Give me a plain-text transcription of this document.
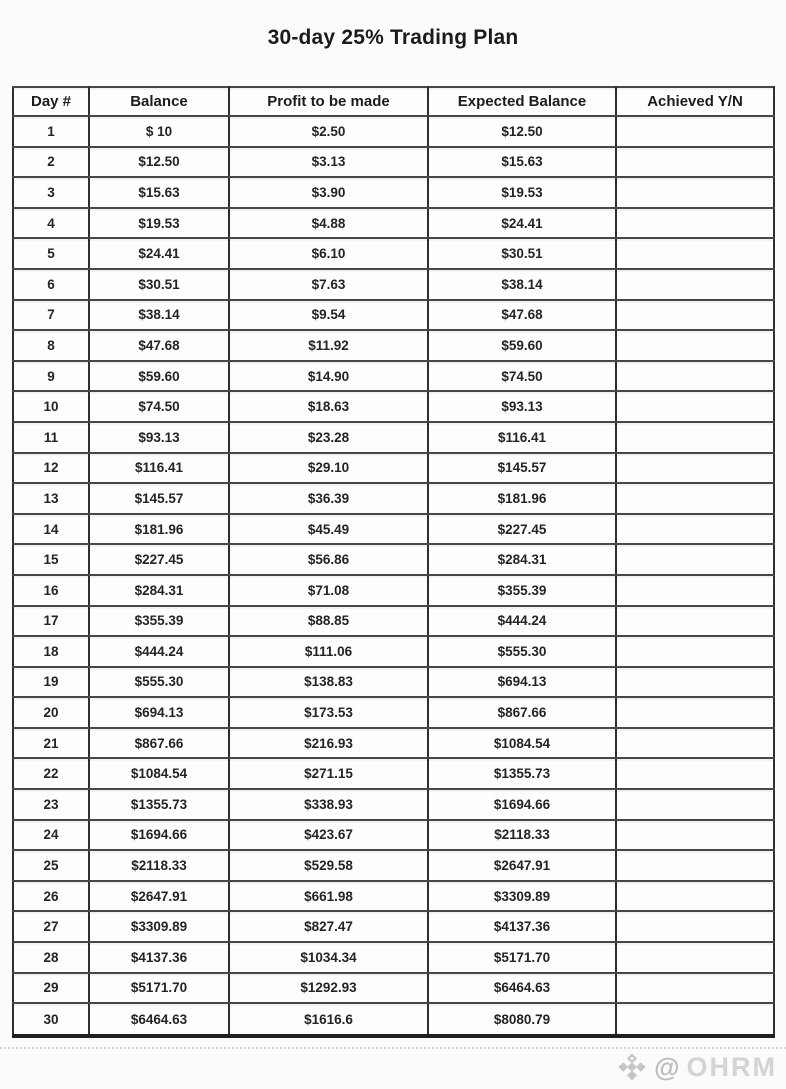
30-day 25% Trading Plan
Day #	Balance	Profit to be made	Expected Balance	Achieved Y/N
1	$ 10	$2.50	$12.50	
2	$12.50	$3.13	$15.63	
3	$15.63	$3.90	$19.53	
4	$19.53	$4.88	$24.41	
5	$24.41	$6.10	$30.51	
6	$30.51	$7.63	$38.14	
7	$38.14	$9.54	$47.68	
8	$47.68	$11.92	$59.60	
9	$59.60	$14.90	$74.50	
10	$74.50	$18.63	$93.13	
11	$93.13	$23.28	$116.41	
12	$116.41	$29.10	$145.57	
13	$145.57	$36.39	$181.96	
14	$181.96	$45.49	$227.45	
15	$227.45	$56.86	$284.31	
16	$284.31	$71.08	$355.39	
17	$355.39	$88.85	$444.24	
18	$444.24	$111.06	$555.30	
19	$555.30	$138.83	$694.13	
20	$694.13	$173.53	$867.66	
21	$867.66	$216.93	$1084.54	
22	$1084.54	$271.15	$1355.73	
23	$1355.73	$338.93	$1694.66	
24	$1694.66	$423.67	$2118.33	
25	$2118.33	$529.58	$2647.91	
26	$2647.91	$661.98	$3309.89	
27	$3309.89	$827.47	$4137.36	
28	$4137.36	$1034.34	$5171.70	
29	$5171.70	$1292.93	$6464.63	
30	$6464.63	$1616.6	$8080.79	
@ OHRM
